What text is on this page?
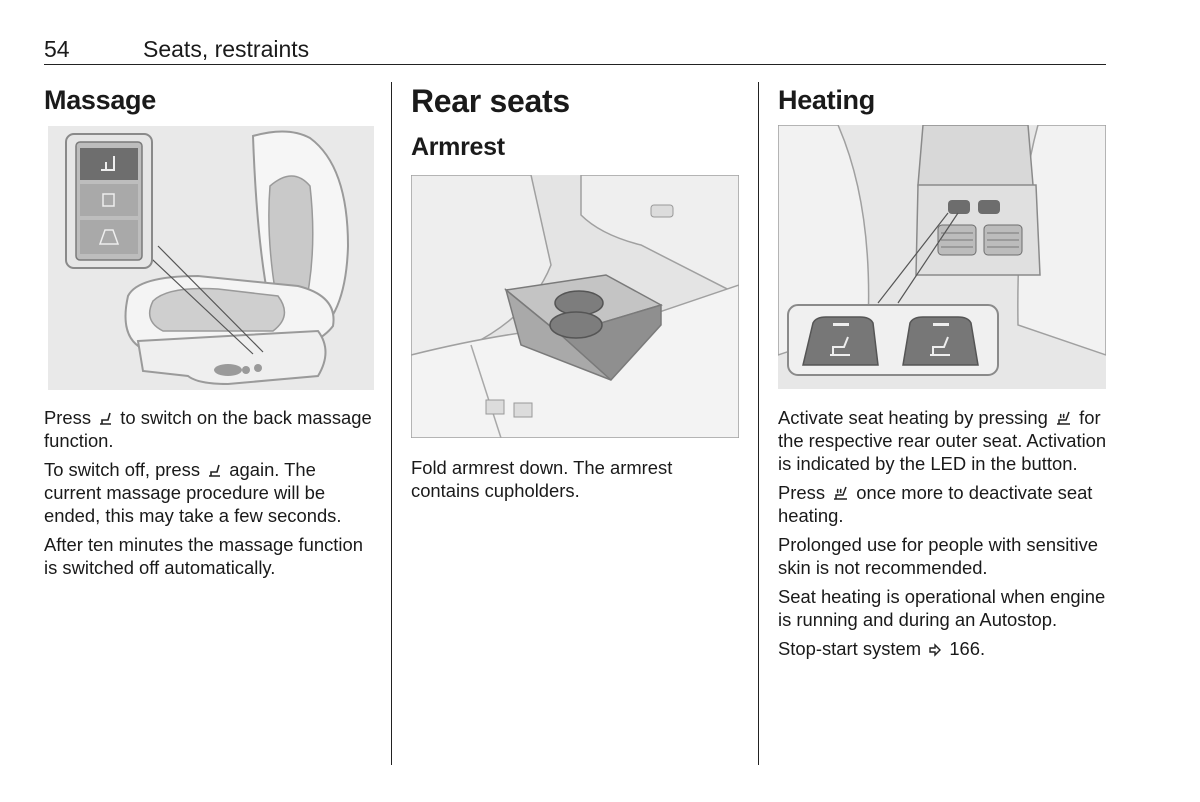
54	Seats, restraints
Massage

Press to switch on the back massage function.

To switch off, press again. The current massage procedure will be ended, this may take a few seconds.

After ten minutes the massage function is switched off automatically.

Rear seats
Armrest

Fold armrest down. The armrest contains cupholders.

Heating

Activate seat heating by pressing for the respective rear outer seat. Activation is indicated by the LED in the button.

Press once more to deactivate seat heating.

Prolonged use for people with sensitive skin is not recommended.

Seat heating is operational when engine is running and during an Autostop.

Stop-start system 166.
